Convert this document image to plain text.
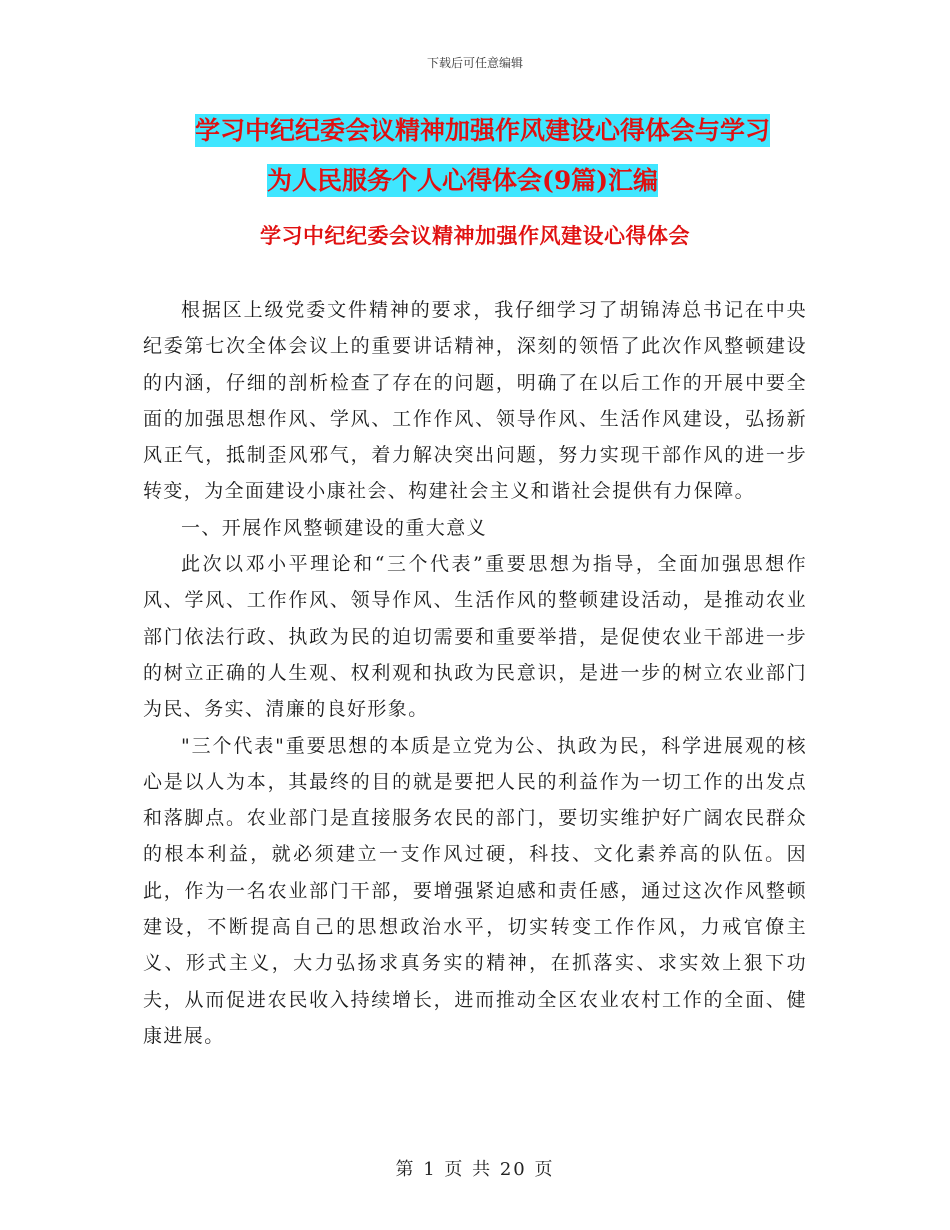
下载后可任意编辑
学习中纪纪委会议精神加强作风建设心得体会与学习
为人民服务个人心得体会(9篇)汇编
学习中纪纪委会议精神加强作风建设心得体会

根据区上级党委文件精神的要求，我仔细学习了胡锦涛总书记在中央纪委第七次全体会议上的重要讲话精神，深刻的领悟了此次作风整顿建设的内涵，仔细的剖析检查了存在的问题，明确了在以后工作的开展中要全面的加强思想作风、学风、工作作风、领导作风、生活作风建设，弘扬新风正气，抵制歪风邪气，着力解决突出问题，努力实现干部作风的进一步转变，为全面建设小康社会、构建社会主义和谐社会提供有力保障。

一、开展作风整顿建设的重大意义

此次以邓小平理论和“三个代表”重要思想为指导，全面加强思想作风、学风、工作作风、领导作风、生活作风的整顿建设活动，是推动农业部门依法行政、执政为民的迫切需要和重要举措，是促使农业干部进一步的树立正确的人生观、权利观和执政为民意识，是进一步的树立农业部门为民、务实、清廉的良好形象。

"三个代表"重要思想的本质是立党为公、执政为民，科学进展观的核心是以人为本，其最终的目的就是要把人民的利益作为一切工作的出发点和落脚点。农业部门是直接服务农民的部门，要切实维护好广阔农民群众的根本利益，就必须建立一支作风过硬，科技、文化素养高的队伍。因此，作为一名农业部门干部，要增强紧迫感和责任感，通过这次作风整顿建设，不断提高自己的思想政治水平，切实转变工作作风，力戒官僚主义、形式主义，大力弘扬求真务实的精神，在抓落实、求实效上狠下功夫，从而促进农民收入持续增长，进而推动全区农业农村工作的全面、健康进展。

第 1 页 共 20 页
